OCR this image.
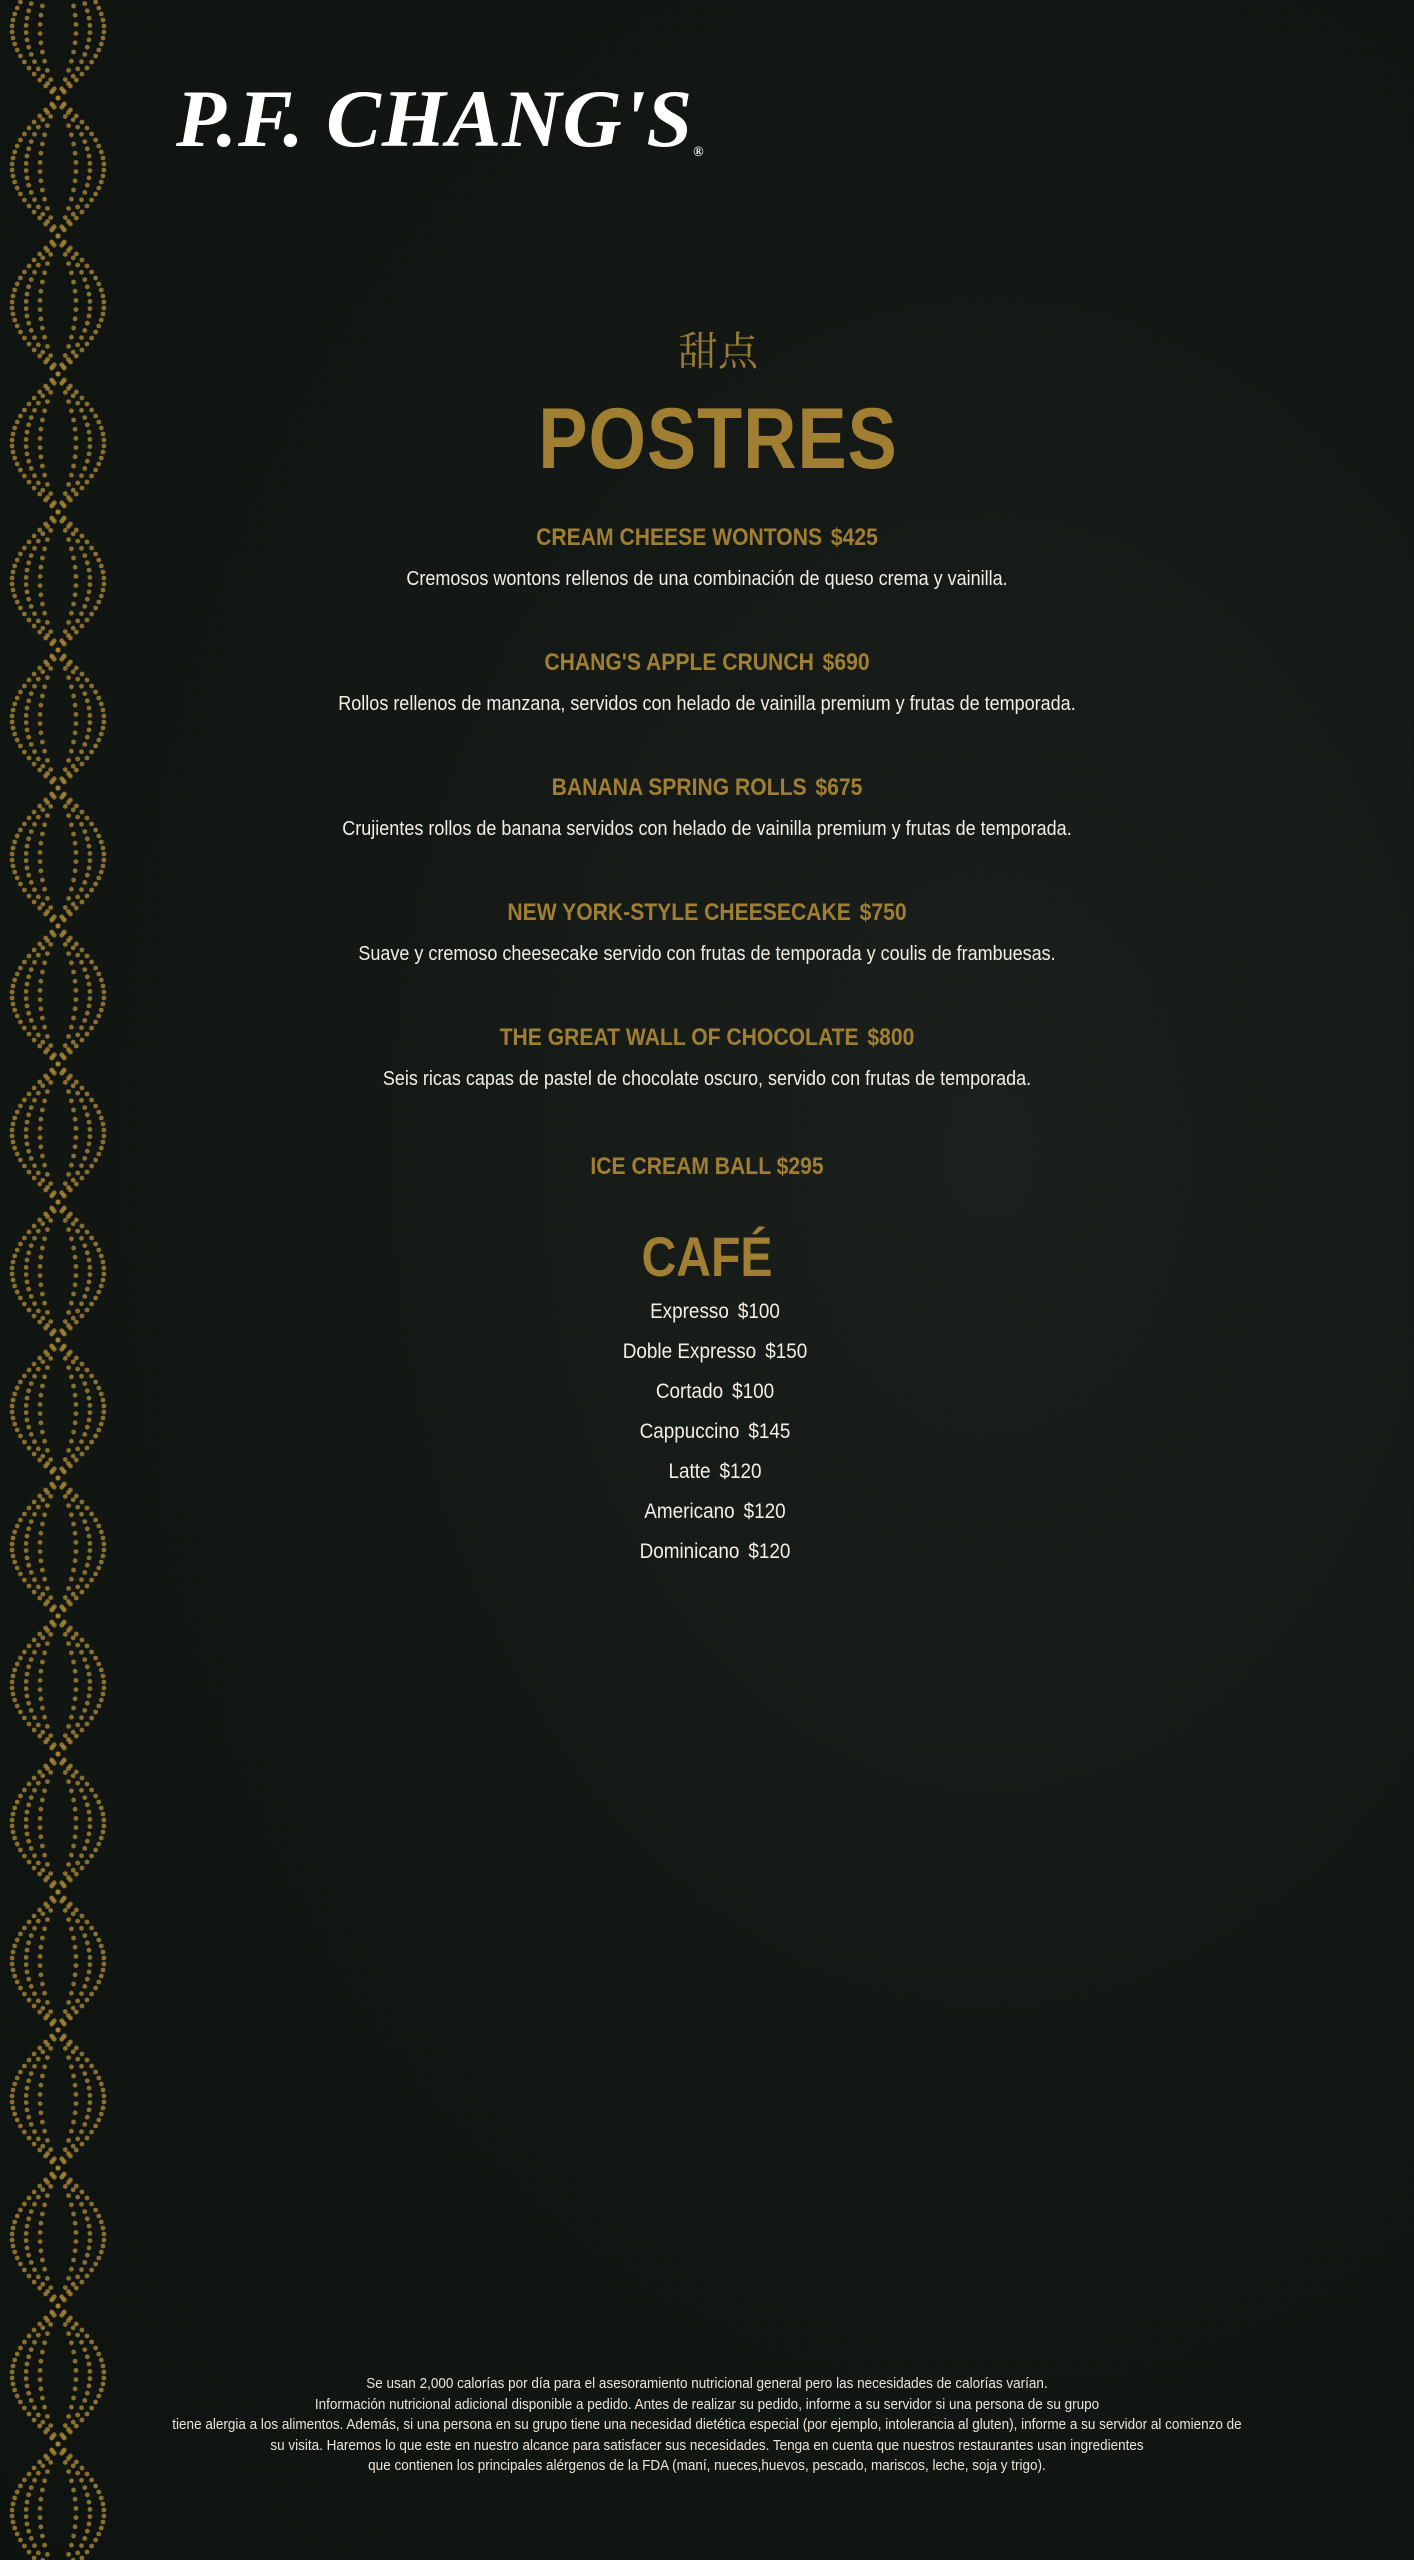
P.F. CHANG'S®
甜点
POSTRES
CREAM CHEESE WONTONS $425
Cremosos wontons rellenos de una combinación de queso crema y vainilla.
CHANG'S APPLE CRUNCH $690
Rollos rellenos de manzana, servidos con helado de vainilla premium y frutas de temporada.
BANANA SPRING ROLLS $675
Crujientes rollos de banana servidos con helado de vainilla premium y frutas de temporada.
NEW YORK-STYLE CHEESECAKE $750
Suave y cremoso cheesecake servido con frutas de temporada y coulis de frambuesas.
THE GREAT WALL OF CHOCOLATE $800
Seis ricas capas de pastel de chocolate oscuro, servido con frutas de temporada.
ICE CREAM BALL $295
CAFÉ
Expresso $100
Doble Expresso $150
Cortado $100
Cappuccino $145
Latte $120
Americano $120
Dominicano $120
Se usan 2,000 calorías por día para el asesoramiento nutricional general pero las necesidades de calorías varían.
Información nutricional adicional disponible a pedido. Antes de realizar su pedido, informe a su servidor si una persona de su grupo
tiene alergia a los alimentos. Además, si una persona en su grupo tiene una necesidad dietética especial (por ejemplo, intolerancia al gluten), informe a su servidor al comienzo de
su visita. Haremos lo que este en nuestro alcance para satisfacer sus necesidades. Tenga en cuenta que nuestros restaurantes usan ingredientes
que contienen los principales alérgenos de la FDA (maní, nueces,huevos, pescado, mariscos, leche, soja y trigo).
